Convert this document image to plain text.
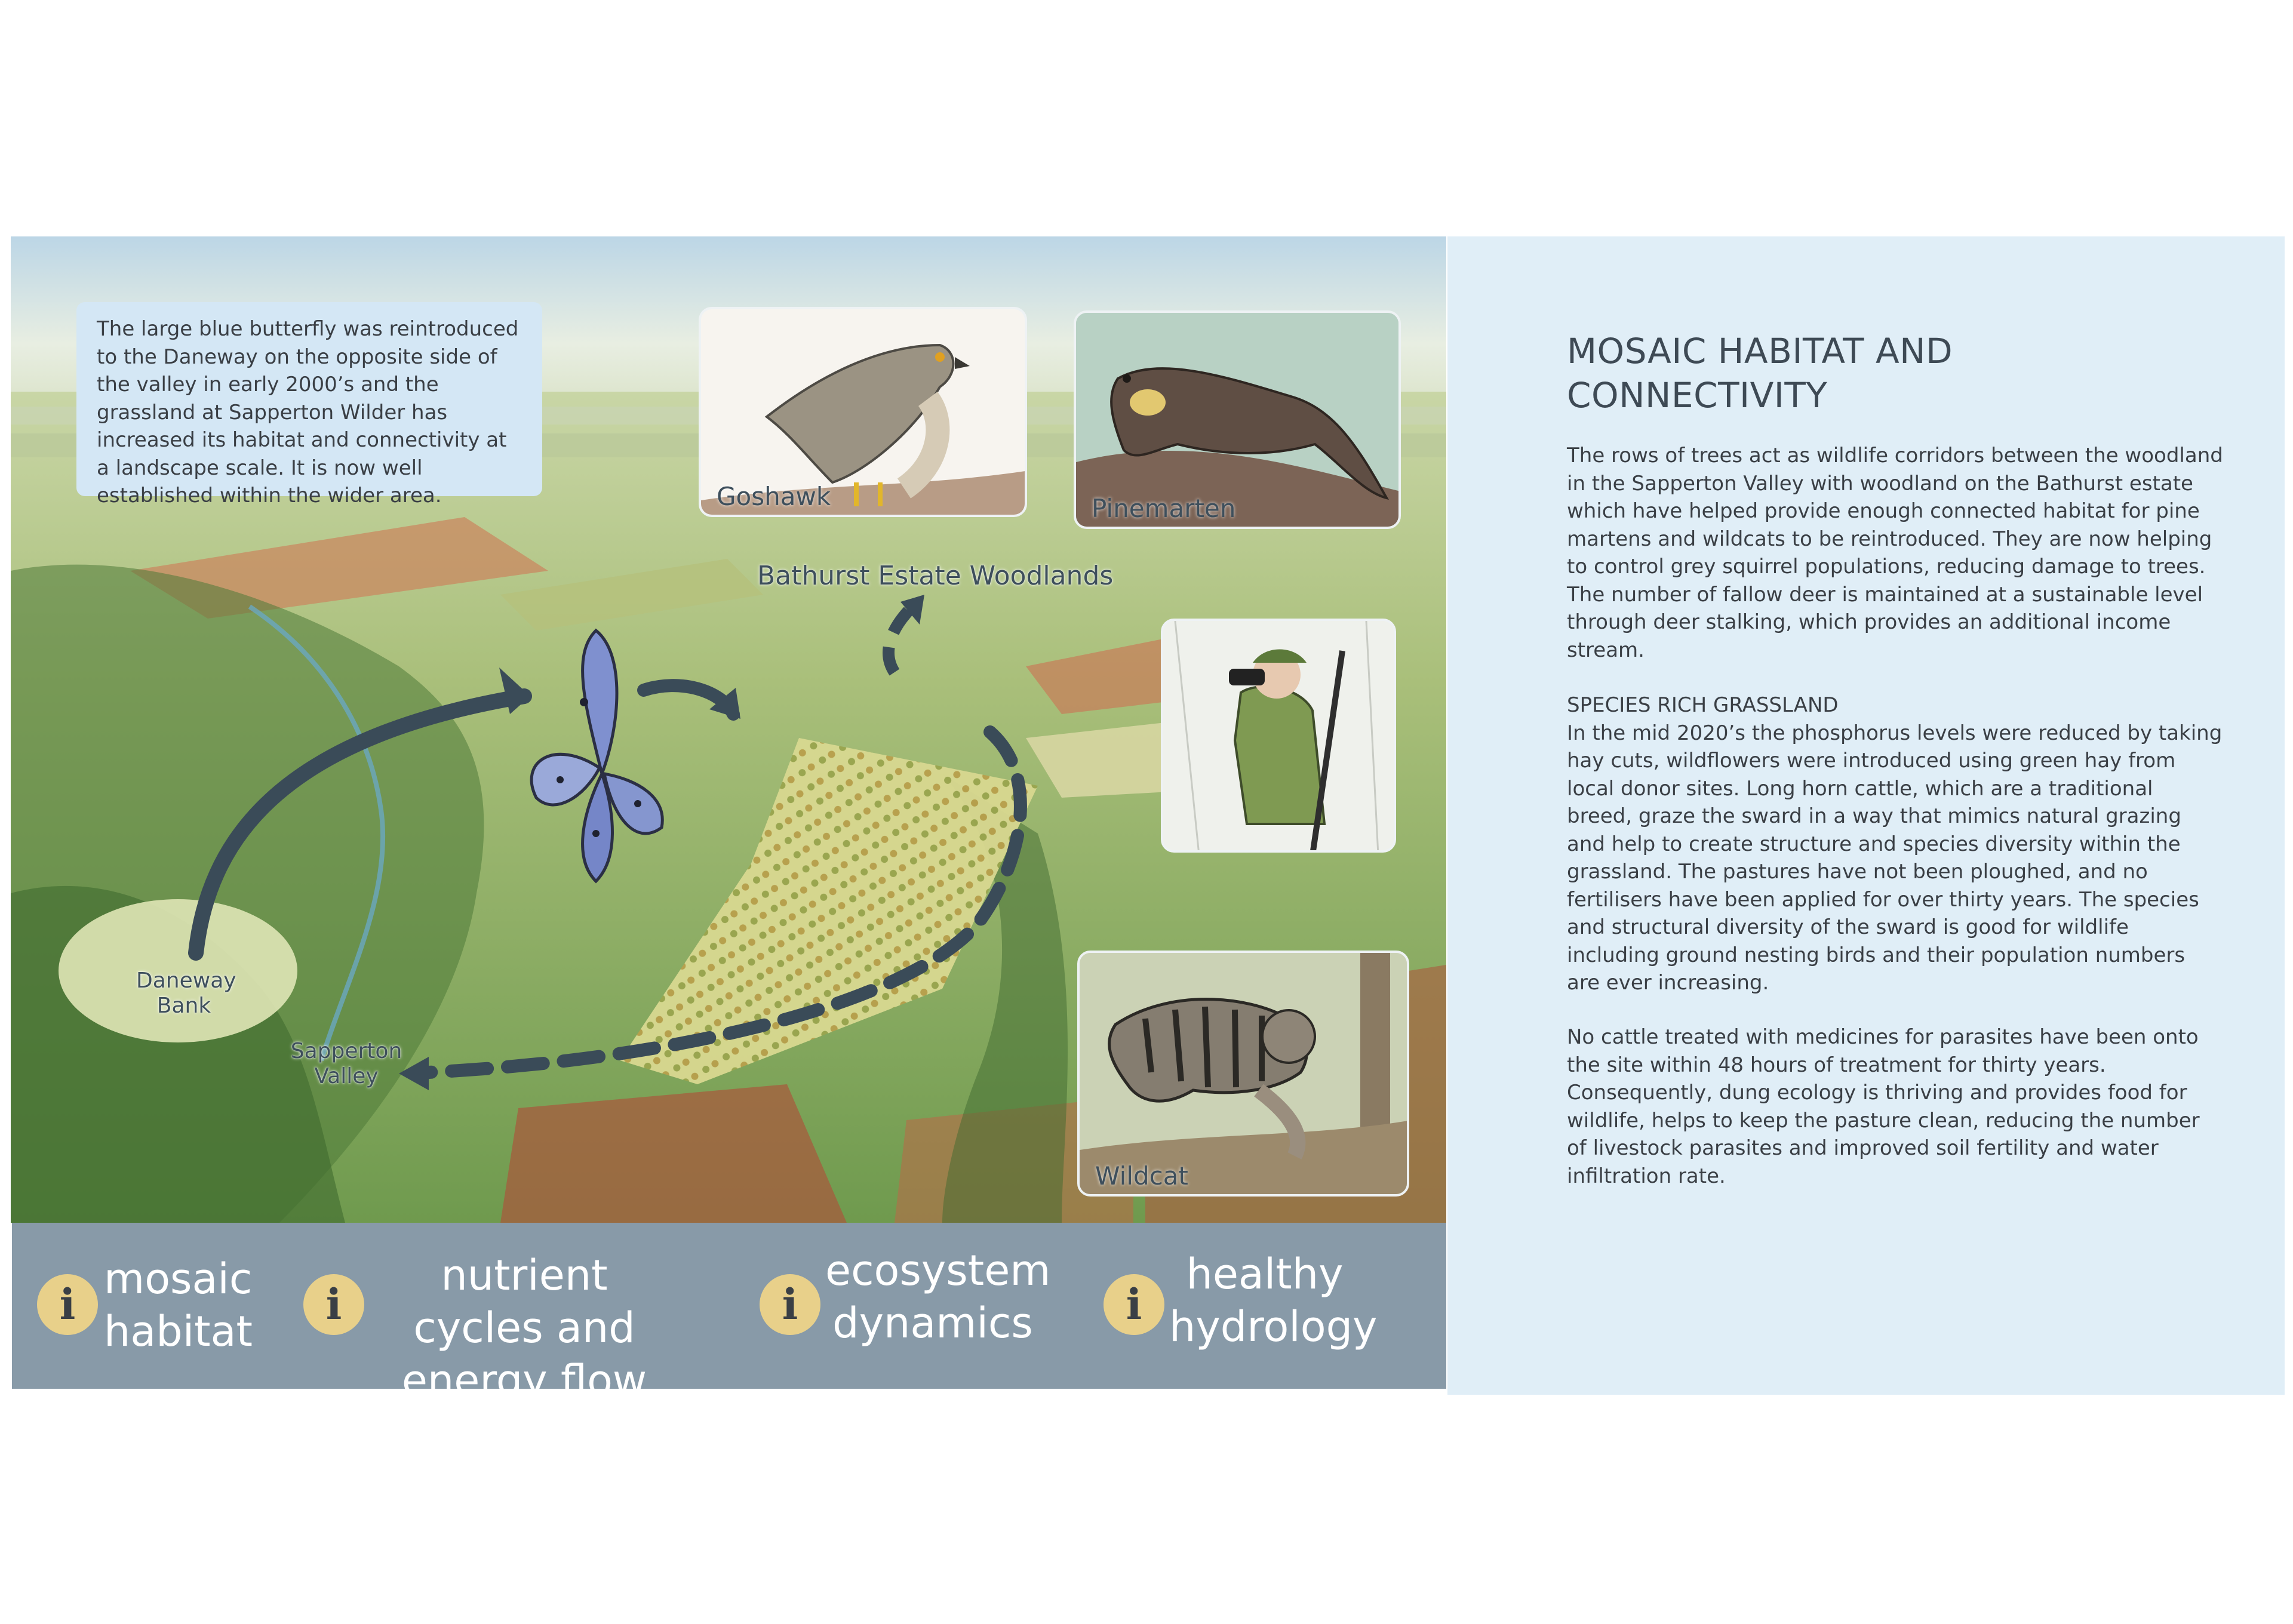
The large blue butterfly was reintroduced to the Daneway on the opposite side of the valley in early 2000’s and the grassland at Sapperton Wilder has increased its habitat and connectivity at a landscape scale. It is now well established within the wider area.
Bathurst Estate Woodlands
Daneway Bank
Sapperton Valley
Goshawk	Pinemarten
Wildcat
i
mosaic habitat
i
nutrient cycles and energy flow
i
ecosystem dynamics	i
healthy hydrology
MOSAIC HABITAT AND CONNECTIVITY

The rows of trees act as wildlife corridors between the woodland in the Sapperton Valley with woodland on the Bathurst estate which have helped provide enough connected habitat for pine martens and wildcats to be reintroduced. They are now helping to control grey squirrel populations, reducing damage to trees. The number of fallow deer is maintained at a sustainable level through deer stalking, which provides an additional income stream.

SPECIES RICH GRASSLAND
In the mid 2020’s the phosphorus levels were reduced by taking hay cuts, wildflowers were introduced using green hay from local donor sites. Long horn cattle, which are a traditional breed, graze the sward in a way that mimics natural grazing and help to create structure and species diversity within the grassland. The pastures have not been ploughed, and no fertilisers have been applied for over thirty years. The species and structural diversity of the sward is good for wildlife including ground nesting birds and their population numbers are ever increasing.

No cattle treated with medicines for parasites have been onto the site within 48 hours of treatment for thirty years. Consequently, dung ecology is thriving and provides food for wildlife, helps to keep the pasture clean, reducing the number of livestock parasites and improved soil fertility and water infiltration rate.
